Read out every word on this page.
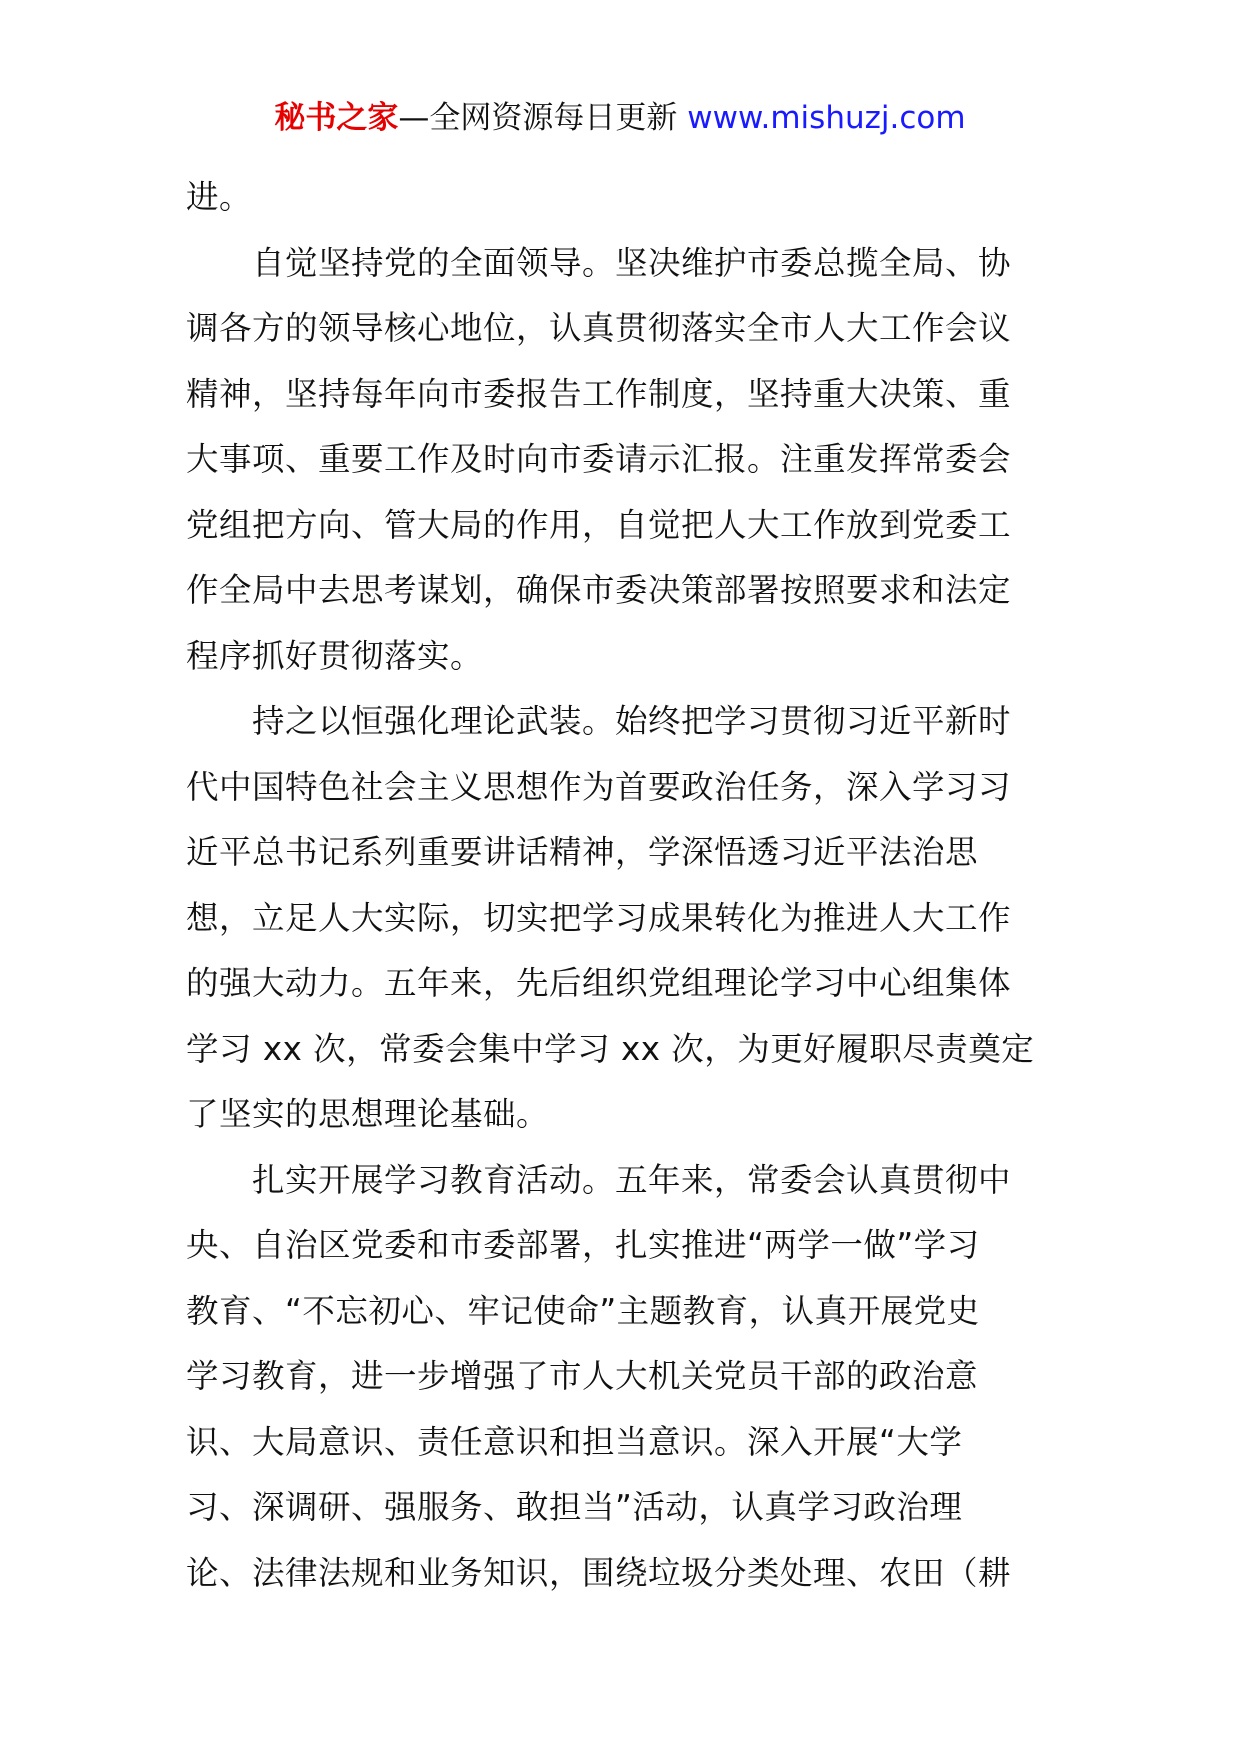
秘书之家—全网资源每日更新 www.mishuzj.com
进。
　　自觉坚持党的全面领导。坚决维护市委总揽全局、协
调各方的领导核心地位，认真贯彻落实全市人大工作会议
精神，坚持每年向市委报告工作制度，坚持重大决策、重
大事项、重要工作及时向市委请示汇报。注重发挥常委会
党组把方向、管大局的作用，自觉把人大工作放到党委工
作全局中去思考谋划，确保市委决策部署按照要求和法定
程序抓好贯彻落实。
　　持之以恒强化理论武装。始终把学习贯彻习近平新时
代中国特色社会主义思想作为首要政治任务，深入学习习
近平总书记系列重要讲话精神，学深悟透习近平法治思
想，立足人大实际，切实把学习成果转化为推进人大工作
的强大动力。五年来，先后组织党组理论学习中心组集体
学习 xx 次，常委会集中学习 xx 次，为更好履职尽责奠定
了坚实的思想理论基础。
　　扎实开展学习教育活动。五年来，常委会认真贯彻中
央、自治区党委和市委部署，扎实推进“两学一做”学习
教育、“不忘初心、牢记使命”主题教育，认真开展党史
学习教育，进一步增强了市人大机关党员干部的政治意
识、大局意识、责任意识和担当意识。深入开展“大学
习、深调研、强服务、敢担当”活动，认真学习政治理
论、法律法规和业务知识，围绕垃圾分类处理、农田（耕
